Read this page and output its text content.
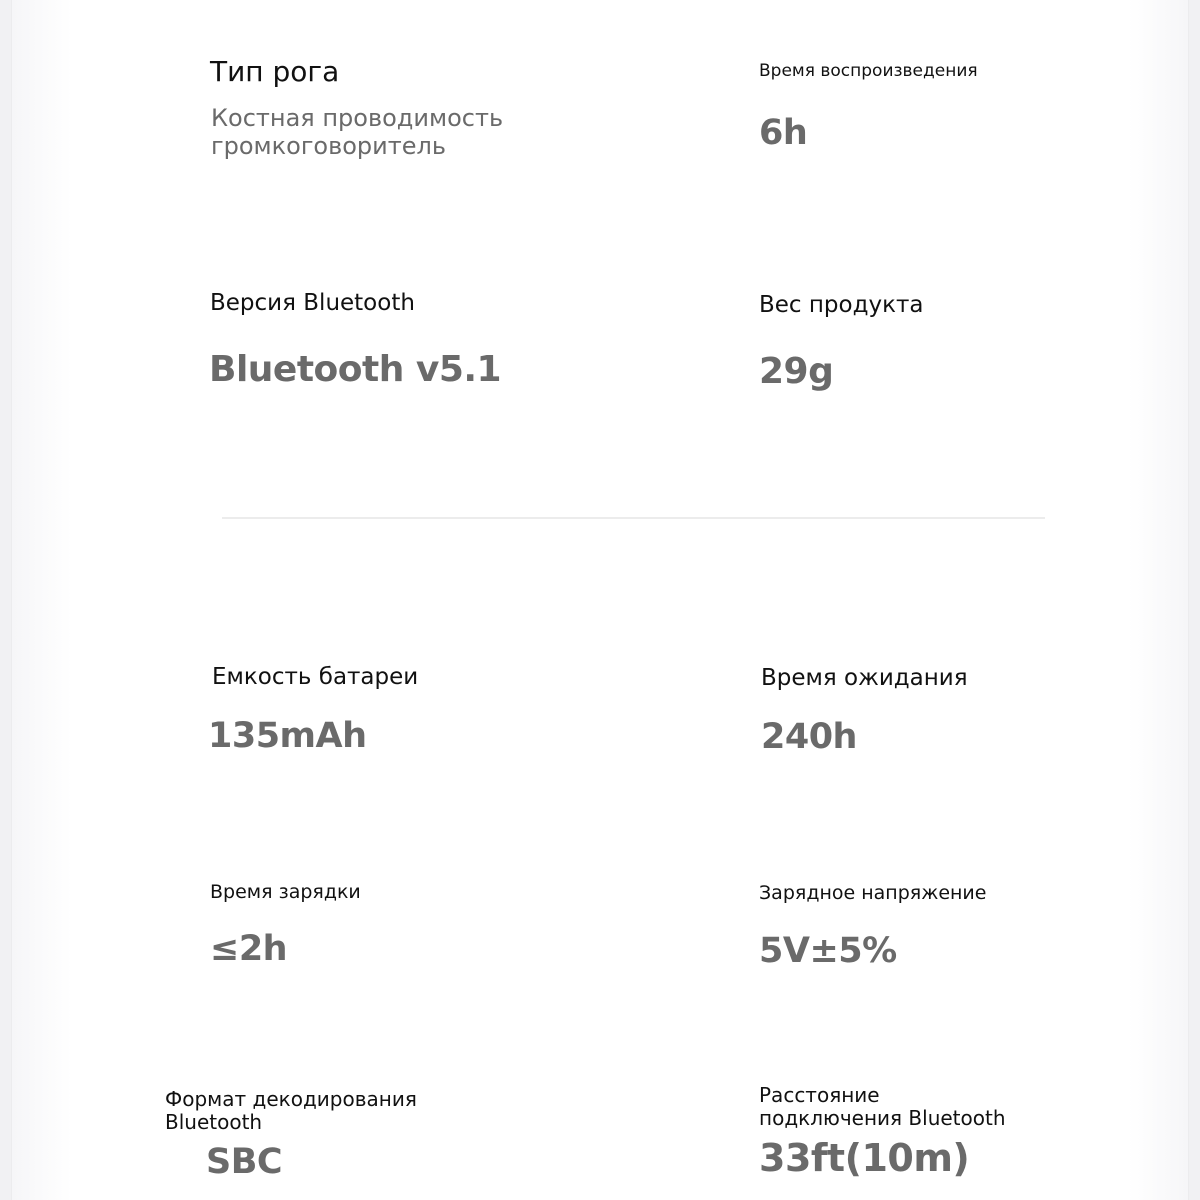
Тип рога
Костная проводимость громкоговоритель
Время воспроизведения
6h
Версия Bluetooth
Bluetooth v5.1
Вес продукта
29g
Емкость батареи
135mAh
Время ожидания
240h
Время зарядки
≤2h
Зарядное напряжение
5V±5%
Формат декодирования Bluetooth
SBC
Расстояние подключения Bluetooth
33ft(10m)
